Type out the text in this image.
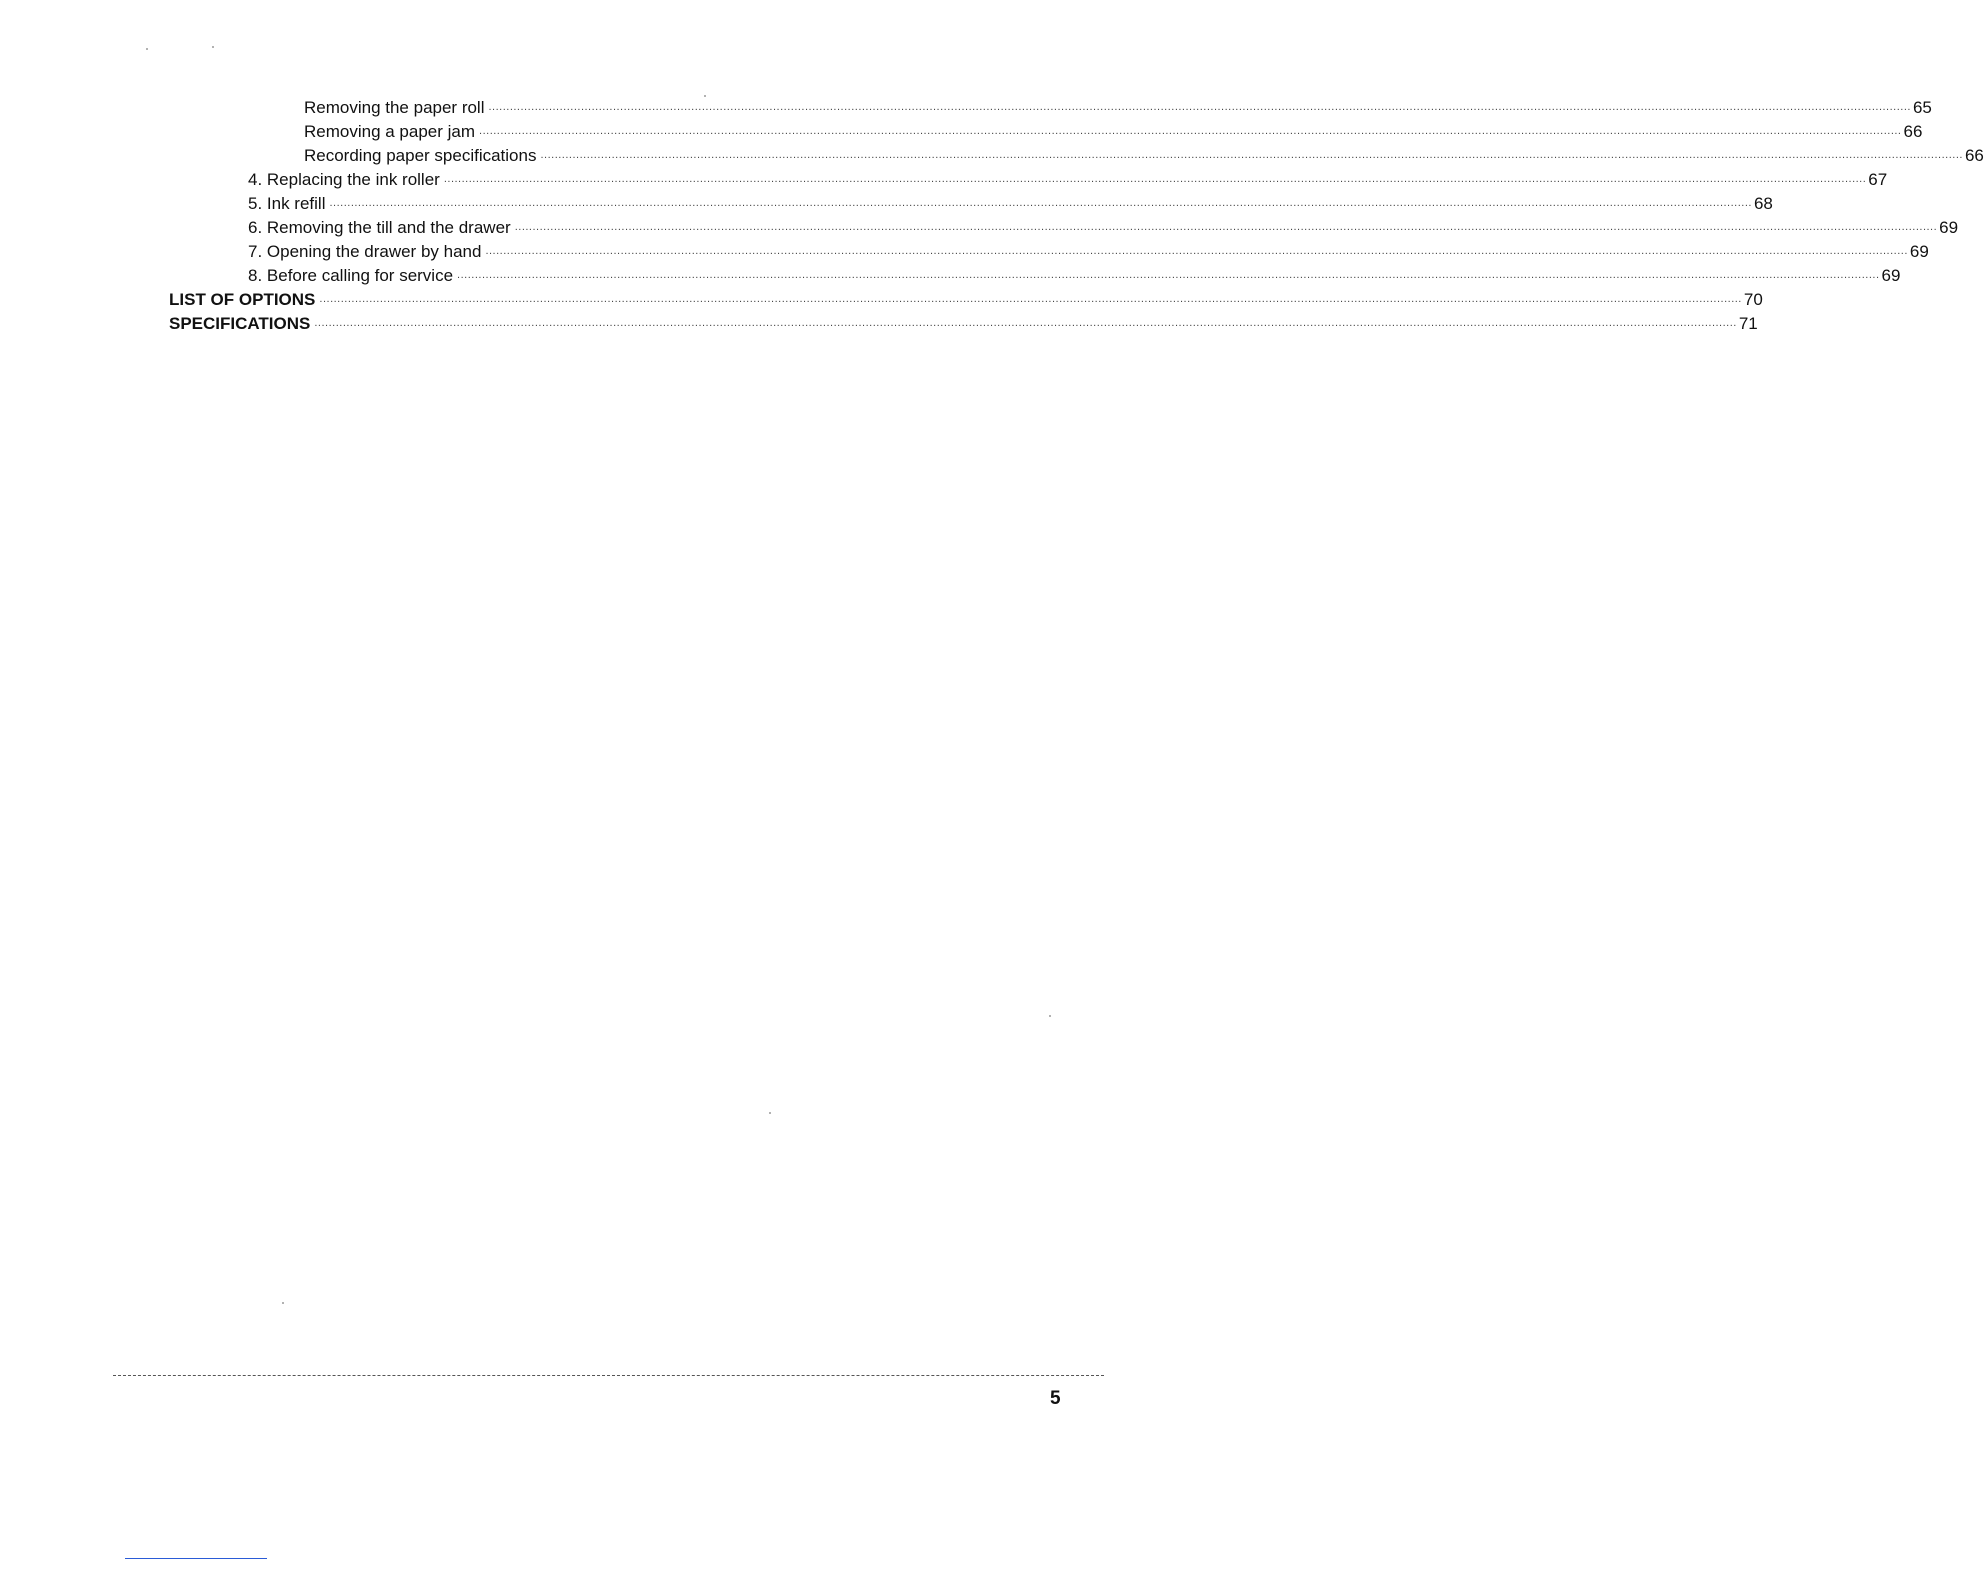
Removing the paper roll ................................................................................................................................................................................................................................................................................................................................................................................................................ 65
Removing a paper jam ................................................................................................................................................................................................................................................................................................................................................................................................................ 66
Recording paper specifications ................................................................................................................................................................................................................................................................................................................................................................................................................ 66
4. Replacing the ink roller ................................................................................................................................................................................................................................................................................................................................................................................................................ 67
5. Ink refill ................................................................................................................................................................................................................................................................................................................................................................................................................ 68
6. Removing the till and the drawer ................................................................................................................................................................................................................................................................................................................................................................................................................ 69
7. Opening the drawer by hand ................................................................................................................................................................................................................................................................................................................................................................................................................ 69
8. Before calling for service ................................................................................................................................................................................................................................................................................................................................................................................................................ 69
LIST OF OPTIONS ................................................................................................................................................................................................................................................................................................................................................................................................................ 70
SPECIFICATIONS ................................................................................................................................................................................................................................................................................................................................................................................................................ 71
5
